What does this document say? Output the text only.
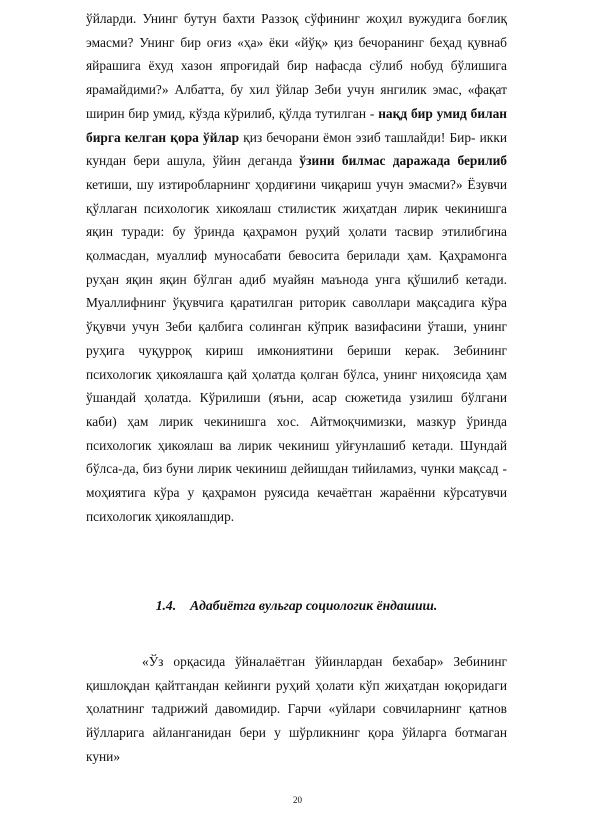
ўйларди. Унинг бутун бахти Раззоқ сўфининг жоҳил вужудига боғлиқ эмасми? Унинг бир оғиз «ҳа» ёки «йўқ» қиз бечоранинг беҳад қувнаб яйрашига ёхуд хазон япроғидай бир нафасда сўлиб нобуд бўлишига ярамайдими?» Албатта, бу хил ўйлар Зеби учун янгилик эмас, «фақат ширин бир умид, кўзда кўрилиб, қўлда тутилган - нақд бир умид билан бирга келган қора ўйлар қиз бечорани ёмон эзиб ташлайди! Бир- икки кундан бери ашула, ўйин деганда ўзини билмас даражада берилиб кетиши, шу изтиробларнинг ҳордиғини чиқариш учун эмасми?» Ёзувчи қўллаган психологик хикоялаш стилистик жиҳатдан лирик чекинишга яқин туради: бу ўринда қаҳрамон руҳий ҳолати тасвир этилибгина қолмасдан, муаллиф муносабати бевосита берилади ҳам. Қаҳрамонга руҳан яқин яқин бўлган адиб муайян маънода унга қўшилиб кетади. Муаллифнинг ўқувчига қаратилган риторик саволлари мақсадига кўра ўқувчи учун Зеби қалбига солинган кўприк вазифасини ўташи, унинг руҳига чуқурроқ кириш имкониятини бериши керак. Зебининг психологик ҳикоялашга қай ҳолатда қолган бўлса, унинг ниҳоясида ҳам ўшандай ҳолатда. Кўрилиши (яъни, асар сюжетида узилиш бўлгани каби) ҳам лирик чекинишга хос. Айтмоқчимизки, мазкур ўринда психологик ҳикоялаш ва лирик чекиниш уйғунлашиб кетади. Шундай бўлса-да, биз буни лирик чекиниш дейишдан тийиламиз, чунки мақсад - моҳиятига кўра у қаҳрамон руясида кечаётган жараённи кўрсатувчи психологик ҳикоялашдир.

1.4. Адабиётга вульгар социологик ёндашиш.

«Ўз орқасида ўйналаётган ўйинлардан бехабар» Зебининг қишлоқдан қайтгандан кейинги руҳий ҳолати кўп жиҳатдан юқоридаги ҳолатнинг тадрижий давомидир. Гарчи «уйлари совчиларнинг қатнов йўлларига айланганидан бери у шўрликнинг қора ўйларга ботмаган куни»

20
